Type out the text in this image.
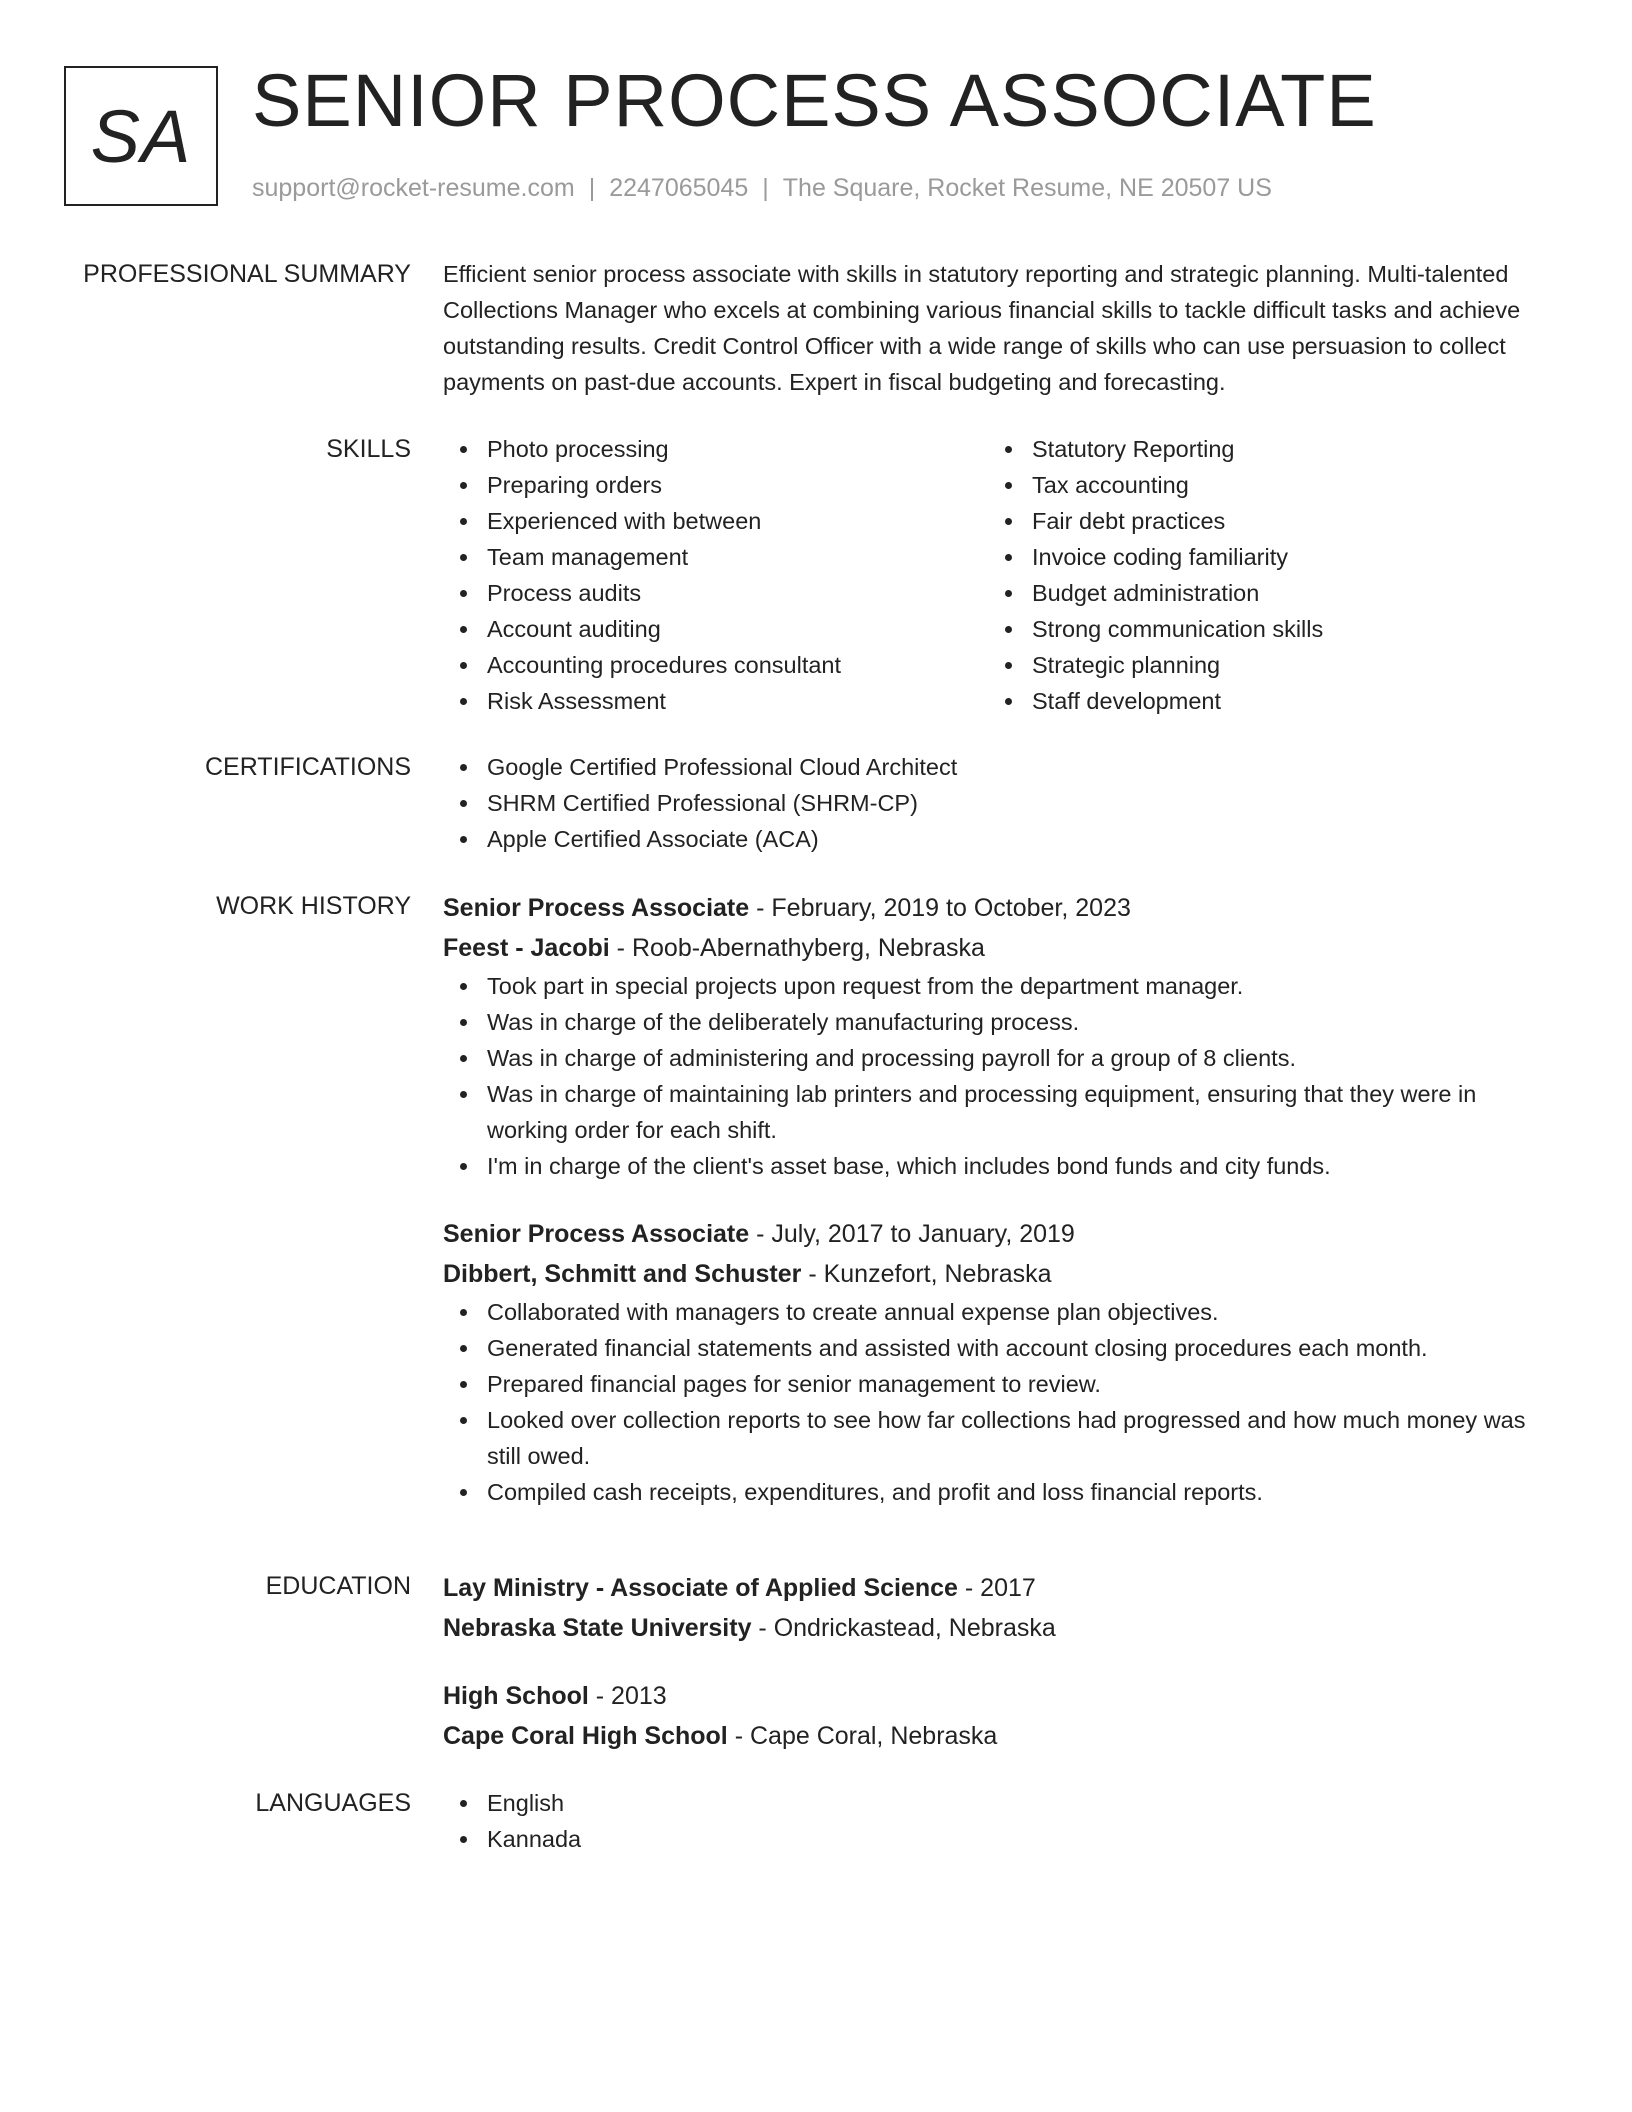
SA SENIOR PROCESS ASSOCIATE
support@rocket-resume.com | 2247065045 | The Square, Rocket Resume, NE 20507 US
PROFESSIONAL SUMMARY Efficient senior process associate with skills in statutory reporting and strategic planning. Multi-talented Collections Manager who excels at combining various financial skills to tackle difficult tasks and achieve outstanding results. Credit Control Officer with a wide range of skills who can use persuasion to collect payments on past-due accounts. Expert in fiscal budgeting and forecasting.

SKILLS	Photo processing
Preparing orders
Experienced with between
Team management
Process audits
Account auditing
Accounting procedures consultant
Risk Assessment
Statutory Reporting
Tax accounting
Fair debt practices
Invoice coding familiarity
Budget administration
Strong communication skills
Strategic planning
Staff development
CERTIFICATIONS	Google Certified Professional Cloud Architect
SHRM Certified Professional (SHRM-CP)
Apple Certified Associate (ACA)
WORK HISTORY Senior Process Associate - February, 2019 to October, 2023
Feest - Jacobi - Roob-Abernathyberg, Nebraska
Took part in special projects upon request from the department manager.
Was in charge of the deliberately manufacturing process.
Was in charge of administering and processing payroll for a group of 8 clients.
Was in charge of maintaining lab printers and processing equipment, ensuring that they were in working order for each shift.
I'm in charge of the client's asset base, which includes bond funds and city funds.
Senior Process Associate - July, 2017 to January, 2019
Dibbert, Schmitt and Schuster - Kunzefort, Nebraska
Collaborated with managers to create annual expense plan objectives.
Generated financial statements and assisted with account closing procedures each month.
Prepared financial pages for senior management to review.
Looked over collection reports to see how far collections had progressed and how much money was still owed.
Compiled cash receipts, expenditures, and profit and loss financial reports.
EDUCATION Lay Ministry - Associate of Applied Science - 2017
Nebraska State University - Ondrickastead, Nebraska
High School - 2013
Cape Coral High School - Cape Coral, Nebraska
LANGUAGES	English
Kannada
